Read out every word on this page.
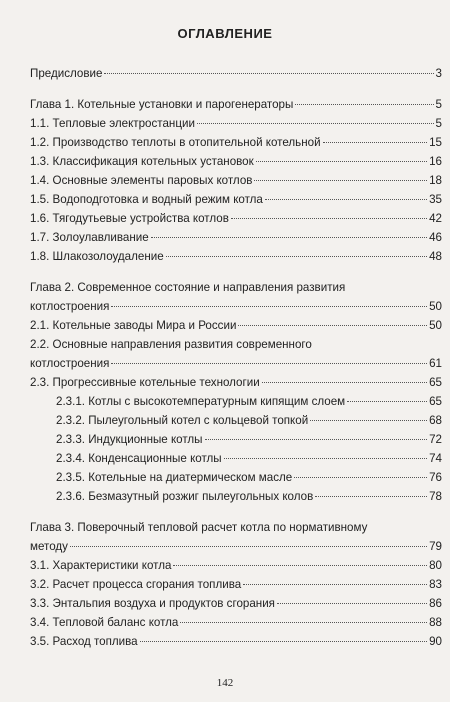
ОГЛАВЛЕНИЕ
Предисловие	3
Глава 1. Котельные установки и парогенераторы	5
1.1. Тепловые электростанции	5
1.2. Производство теплоты в отопительной котельной	15
1.3. Классификация котельных установок	16
1.4. Основные элементы паровых котлов	18
1.5. Водоподготовка и водный режим котла	35
1.6. Тягодутьевые устройства котлов	42
1.7. Золоулавливание	46
1.8. Шлакозолоудаление	48
Глава 2. Современное состояние и направления развития
котлостроения	50
2.1. Котельные заводы Мира и России	50
2.2. Основные направления развития современного
котлостроения	61
2.3. Прогрессивные котельные технологии	65
2.3.1. Котлы с высокотемпературным кипящим слоем	65
2.3.2. Пылеугольный котел с кольцевой топкой	68
2.3.3. Индукционные котлы	72
2.3.4. Конденсационные котлы	74
2.3.5. Котельные на диатермическом масле	76
2.3.6. Безмазутный розжиг пылеугольных колов	78
Глава 3. Поверочный тепловой расчет котла по нормативному
методу	79
3.1. Характеристики котла	80
3.2. Расчет процесса сгорания топлива	83
3.3. Энтальпия воздуха и продуктов сгорания	86
3.4. Тепловой баланс котла	88
3.5. Расход топлива	90
142
